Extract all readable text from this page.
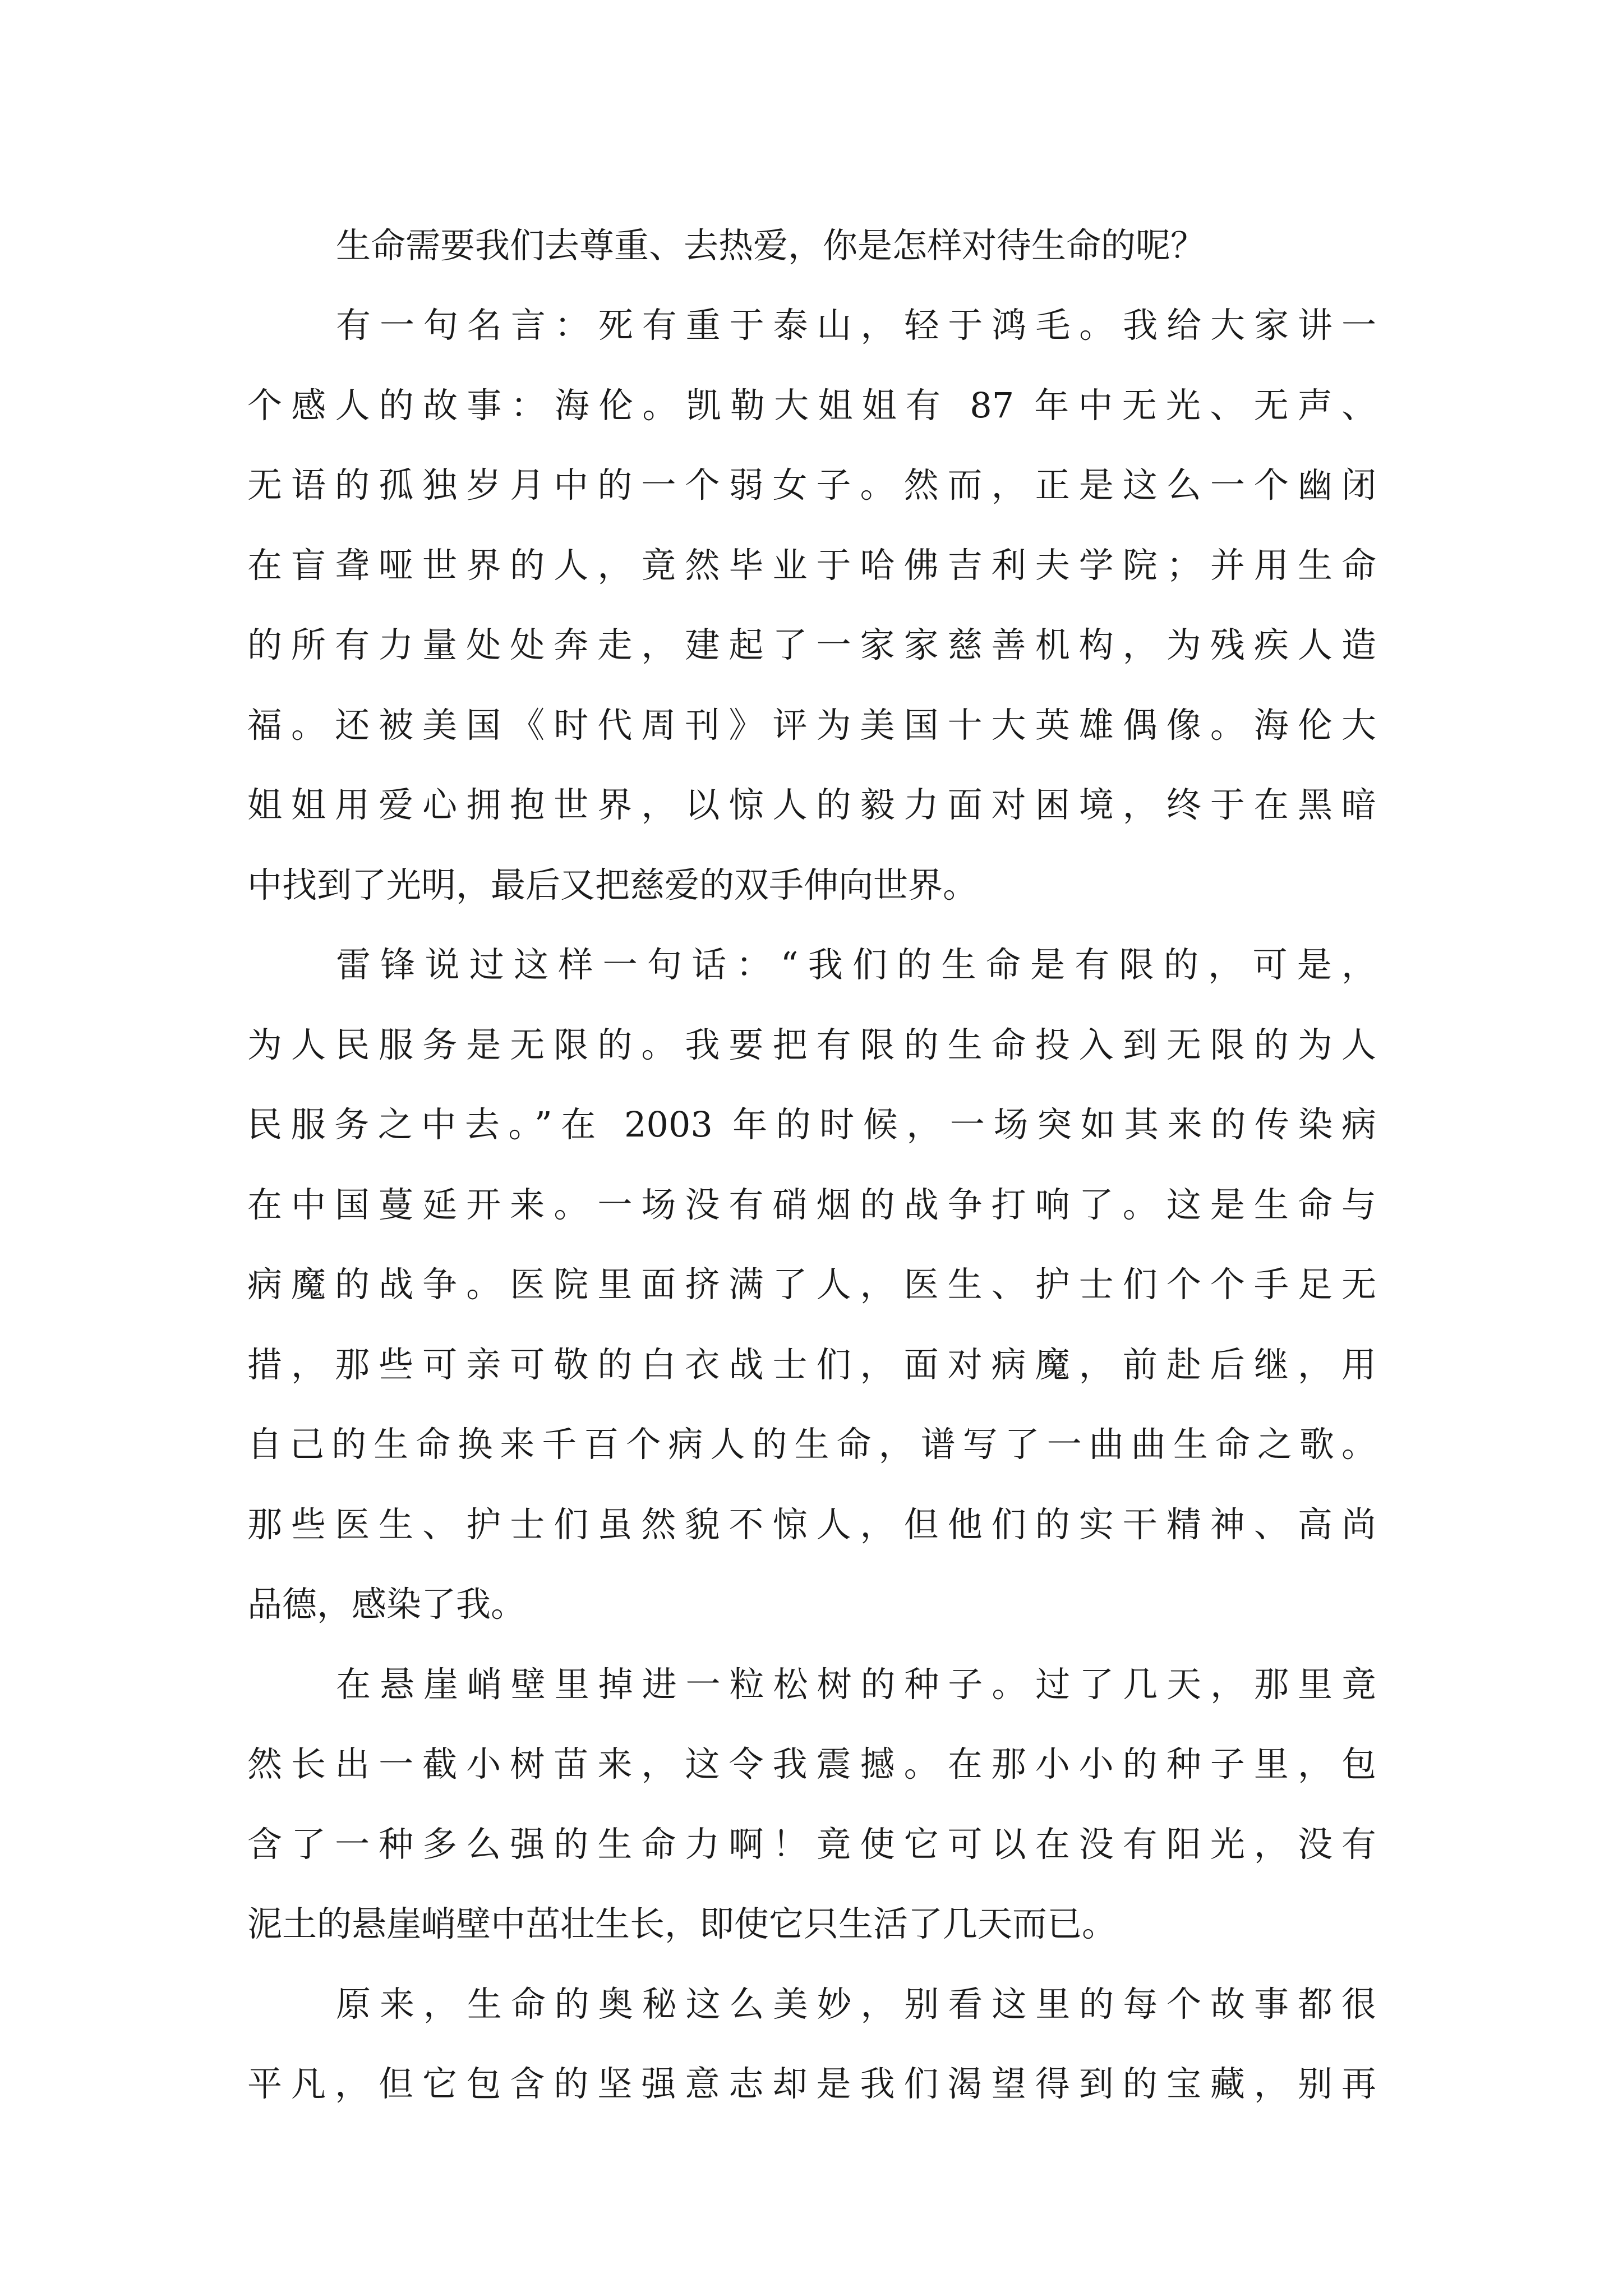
生命需要我们去尊重、去热爱，你是怎样对待生命的呢？

有一句名言：死有重于泰山，轻于鸿毛。我给大家讲一

个感人的故事：海伦。凯勒大姐姐有 87 年中无光、无声、

无语的孤独岁月中的一个弱女子。然而，正是这么一个幽闭

在盲聋哑世界的人，竟然毕业于哈佛吉利夫学院；并用生命

的所有力量处处奔走，建起了一家家慈善机构，为残疾人造

福。还被美国《时代周刊》评为美国十大英雄偶像。海伦大

姐姐用爱心拥抱世界，以惊人的毅力面对困境，终于在黑暗

中找到了光明，最后又把慈爱的双手伸向世界。

雷锋说过这样一句话：“我们的生命是有限的，可是，

为人民服务是无限的。我要把有限的生命投入到无限的为人

民服务之中去。”在 2003 年的时候，一场突如其来的传染病

在中国蔓延开来。一场没有硝烟的战争打响了。这是生命与

病魔的战争。医院里面挤满了人，医生、护士们个个手足无

措，那些可亲可敬的白衣战士们，面对病魔，前赴后继，用

自己的生命换来千百个病人的生命，谱写了一曲曲生命之歌。

那些医生、护士们虽然貌不惊人，但他们的实干精神、高尚

品德，感染了我。

在悬崖峭壁里掉进一粒松树的种子。过了几天，那里竟

然长出一截小树苗来，这令我震撼。在那小小的种子里，包

含了一种多么强的生命力啊！竟使它可以在没有阳光，没有

泥土的悬崖峭壁中茁壮生长，即使它只生活了几天而已。

原来，生命的奥秘这么美妙，别看这里的每个故事都很

平凡，但它包含的坚强意志却是我们渴望得到的宝藏，别再
